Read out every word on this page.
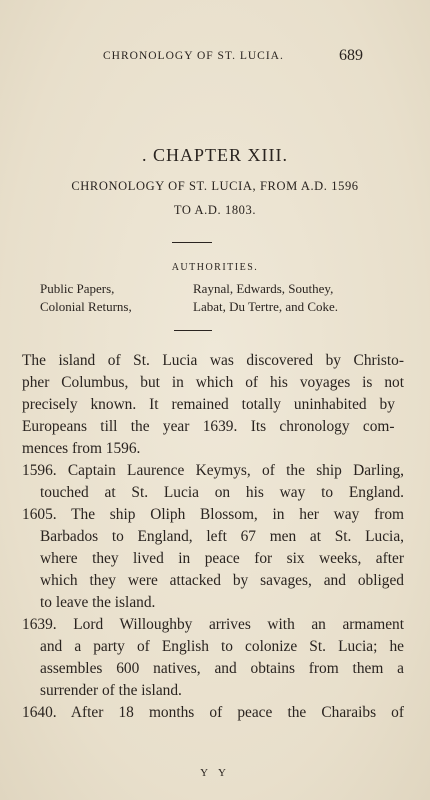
CHRONOLOGY OF ST. LUCIA.	689
. CHAPTER XIII.
CHRONOLOGY OF ST. LUCIA, FROM A.D. 1596
TO A.D. 1803.
AUTHORITIES.
Public Papers,
Colonial Returns,
Raynal, Edwards, Southey,
Labat, Du Tertre, and Coke.
The island of St. Lucia was discovered by Christo-
pher Columbus, but in which of his voyages is not
precisely known. It remained totally uninhabited by
Europeans till the year 1639. Its chronology com-
mences from 1596.
1596. Captain Laurence Keymys, of the ship Darling,
touched at St. Lucia on his way to England.
1605. The ship Oliph Blossom, in her way from
Barbados to England, left 67 men at St. Lucia,
where they lived in peace for six weeks, after
which they were attacked by savages, and obliged
to leave the island.
1639. Lord Willoughby arrives with an armament
and a party of English to colonize St. Lucia; he
assembles 600 natives, and obtains from them a
surrender of the island.
1640. After 18 months of peace the Charaibs of
Y Y
